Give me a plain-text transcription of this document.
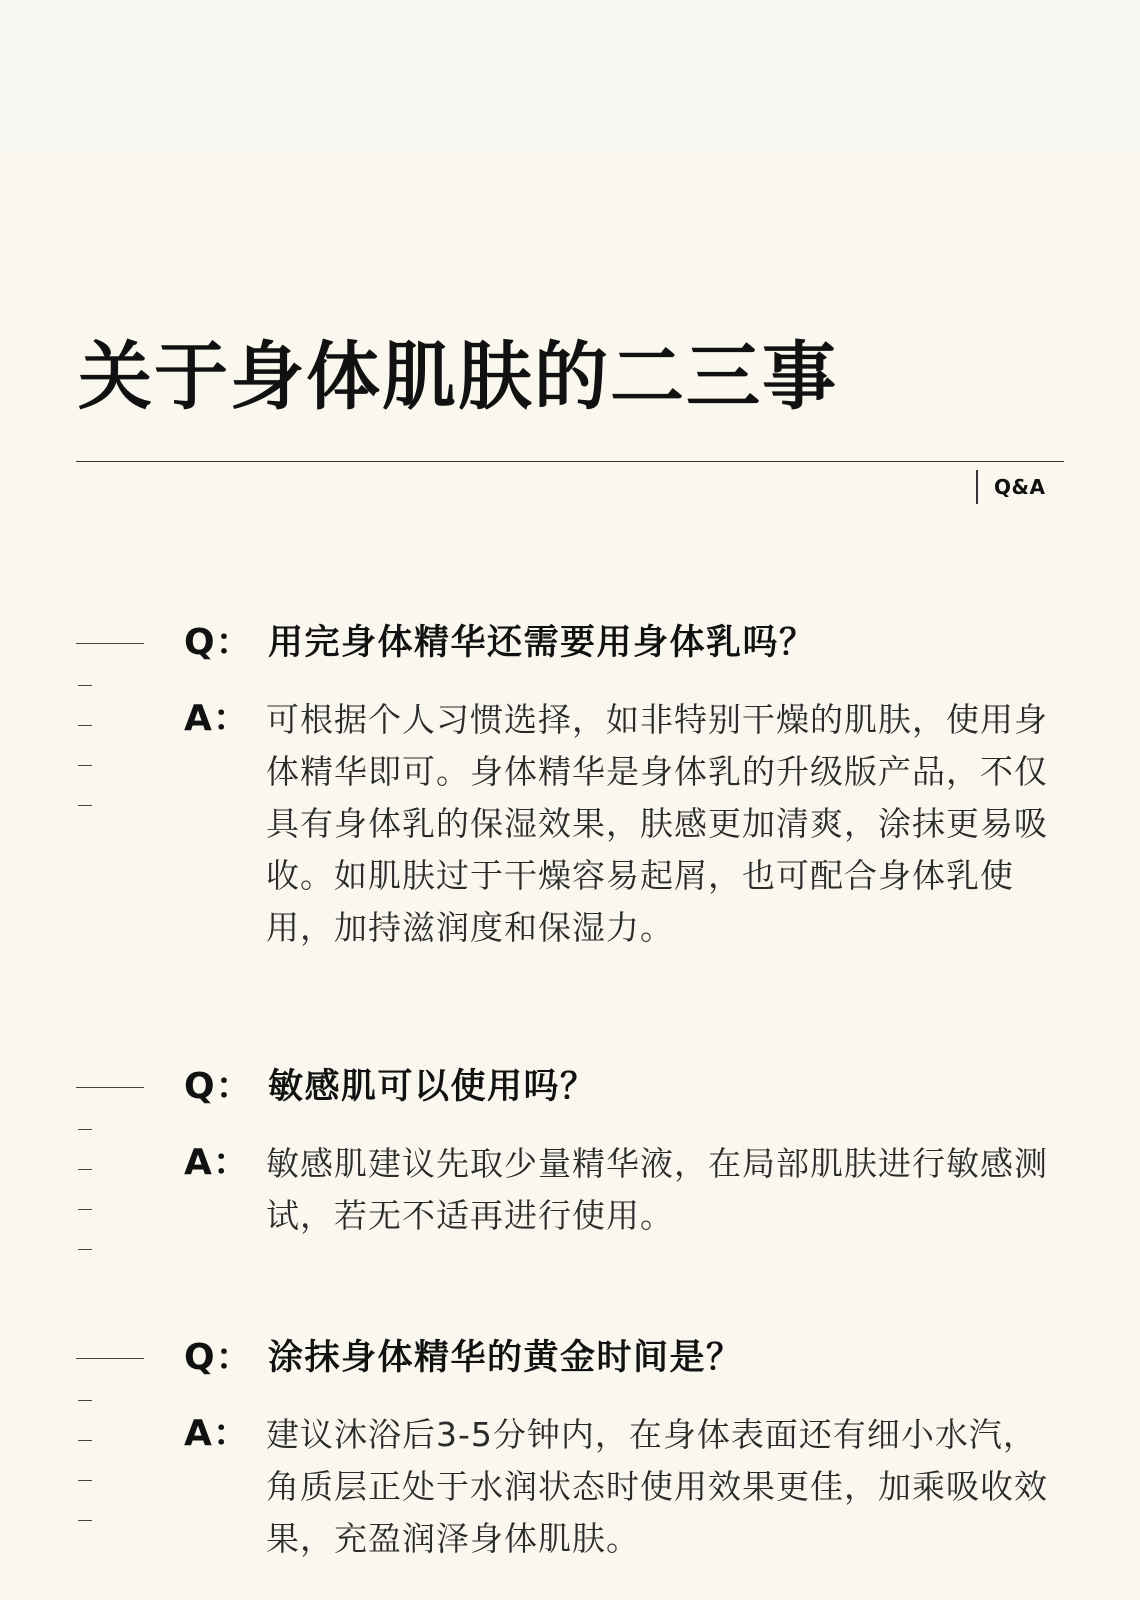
关于身体肌肤的二三事
Q&A
Q： 用完身体精华还需要用身体乳吗？
A： 可根据个人习惯选择，如非特别干燥的肌肤，使用身体精华即可。身体精华是身体乳的升级版产品，不仅具有身体乳的保湿效果，肤感更加清爽，涂抹更易吸收。如肌肤过于干燥容易起屑，也可配合身体乳使用，加持滋润度和保湿力。

Q： 敏感肌可以使用吗？
A： 敏感肌建议先取少量精华液，在局部肌肤进行敏感测试，若无不适再进行使用。

Q： 涂抹身体精华的黄金时间是？
A： 建议沐浴后3-5分钟内，在身体表面还有细小水汽，角质层正处于水润状态时使用效果更佳，加乘吸收效果，充盈润泽身体肌肤。
